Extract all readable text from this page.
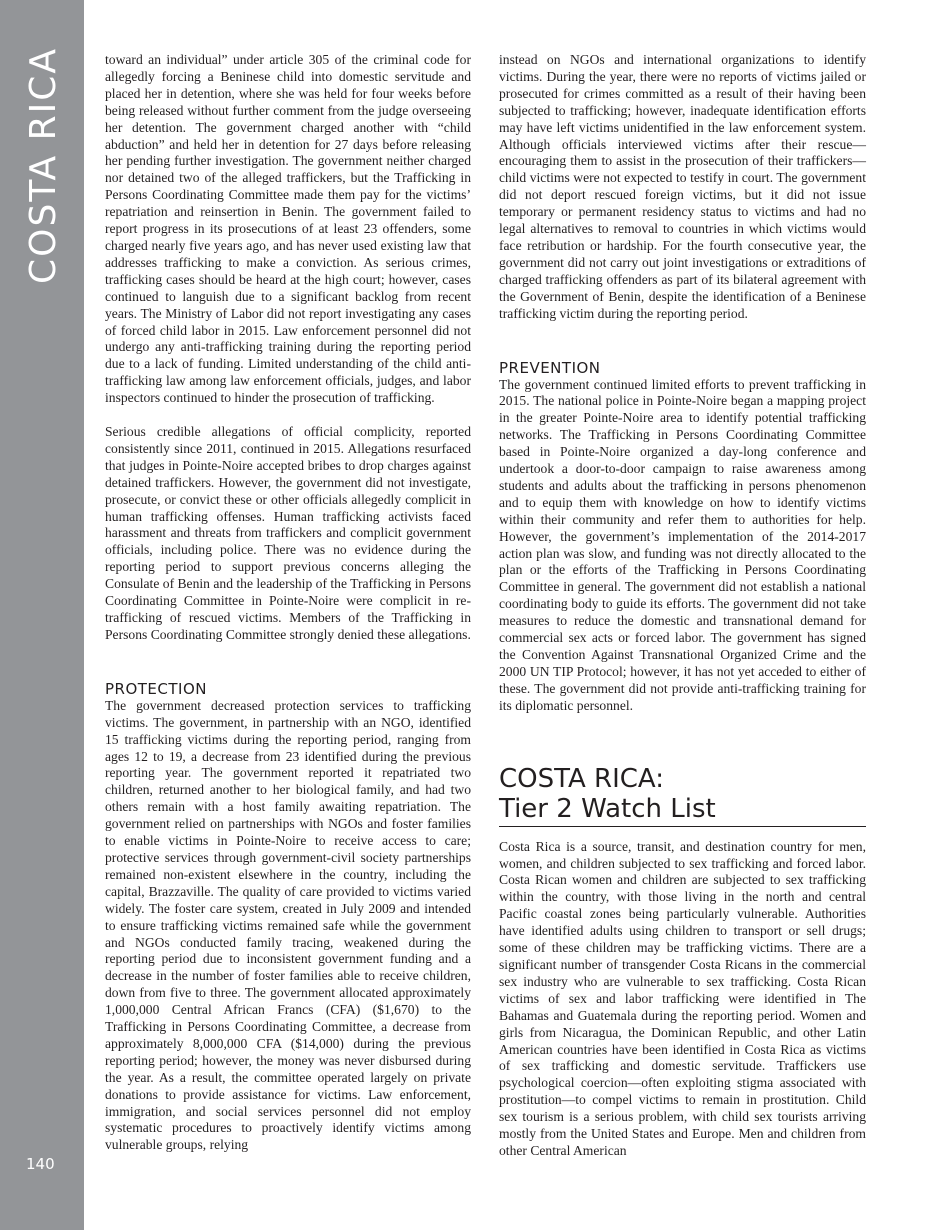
COSTA RICA
140

toward an individual” under article 305 of the criminal code for allegedly forcing a Beninese child into domestic servitude and placed her in detention, where she was held for four weeks before being released without further comment from the judge overseeing her detention. The government charged another with “child abduction” and held her in detention for 27 days before releasing her pending further investigation. The government neither charged nor detained two of the alleged traffickers, but the Trafficking in Persons Coordinating Committee made them pay for the victims’ repatriation and reinsertion in Benin. The government failed to report progress in its prosecutions of at least 23 offenders, some charged nearly five years ago, and has never used existing law that addresses trafficking to make a conviction. As serious crimes, trafficking cases should be heard at the high court; however, cases continued to languish due to a significant backlog from recent years. The Ministry of Labor did not report investigating any cases of forced child labor in 2015. Law enforcement personnel did not undergo any anti-trafficking training during the reporting period due to a lack of funding. Limited understanding of the child anti-trafficking law among law enforcement officials, judges, and labor inspectors continued to hinder the prosecution of trafficking.

Serious credible allegations of official complicity, reported consistently since 2011, continued in 2015. Allegations resurfaced that judges in Pointe-Noire accepted bribes to drop charges against detained traffickers. However, the government did not investigate, prosecute, or convict these or other officials allegedly complicit in human trafficking offenses. Human trafficking activists faced harassment and threats from traffickers and complicit government officials, including police. There was no evidence during the reporting period to support previous concerns alleging the Consulate of Benin and the leadership of the Trafficking in Persons Coordinating Committee in Pointe-Noire were complicit in re-trafficking of rescued victims. Members of the Trafficking in Persons Coordinating Committee strongly denied these allegations.

PROTECTION

The government decreased protection services to trafficking victims. The government, in partnership with an NGO, identified 15 trafficking victims during the reporting period, ranging from ages 12 to 19, a decrease from 23 identified during the previous reporting year. The government reported it repatriated two children, returned another to her biological family, and had two others remain with a host family awaiting repatriation. The government relied on partnerships with NGOs and foster families to enable victims in Pointe-Noire to receive access to care; protective services through government-civil society partnerships remained non-existent elsewhere in the country, including the capital, Brazzaville. The quality of care provided to victims varied widely. The foster care system, created in July 2009 and intended to ensure trafficking victims remained safe while the government and NGOs conducted family tracing, weakened during the reporting period due to inconsistent government funding and a decrease in the number of foster families able to receive children, down from five to three. The government allocated approximately 1,000,000 Central African Francs (CFA) ($1,670) to the Trafficking in Persons Coordinating Committee, a decrease from approximately 8,000,000 CFA ($14,000) during the previous reporting period; however, the money was never disbursed during the year. As a result, the committee operated largely on private donations to provide assistance for victims. Law enforcement, immigration, and social services personnel did not employ systematic procedures to proactively identify victims among vulnerable groups, relying

instead on NGOs and international organizations to identify victims. During the year, there were no reports of victims jailed or prosecuted for crimes committed as a result of their having been subjected to trafficking; however, inadequate identification efforts may have left victims unidentified in the law enforcement system. Although officials interviewed victims after their rescue—encouraging them to assist in the prosecution of their traffickers—child victims were not expected to testify in court. The government did not deport rescued foreign victims, but it did not issue temporary or permanent residency status to victims and had no legal alternatives to removal to countries in which victims would face retribution or hardship. For the fourth consecutive year, the government did not carry out joint investigations or extraditions of charged trafficking offenders as part of its bilateral agreement with the Government of Benin, despite the identification of a Beninese trafficking victim during the reporting period.

PREVENTION

The government continued limited efforts to prevent trafficking in 2015. The national police in Pointe-Noire began a mapping project in the greater Pointe-Noire area to identify potential trafficking networks. The Trafficking in Persons Coordinating Committee based in Pointe-Noire organized a day-long conference and undertook a door-to-door campaign to raise awareness among students and adults about the trafficking in persons phenomenon and to equip them with knowledge on how to identify victims within their community and refer them to authorities for help. However, the government’s implementation of the 2014-2017 action plan was slow, and funding was not directly allocated to the plan or the efforts of the Trafficking in Persons Coordinating Committee in general. The government did not establish a national coordinating body to guide its efforts. The government did not take measures to reduce the domestic and transnational demand for commercial sex acts or forced labor. The government has signed the Convention Against Transnational Organized Crime and the 2000 UN TIP Protocol; however, it has not yet acceded to either of these. The government did not provide anti-trafficking training for its diplomatic personnel.

COSTA RICA:
Tier 2 Watch List

Costa Rica is a source, transit, and destination country for men, women, and children subjected to sex trafficking and forced labor. Costa Rican women and children are subjected to sex trafficking within the country, with those living in the north and central Pacific coastal zones being particularly vulnerable. Authorities have identified adults using children to transport or sell drugs; some of these children may be trafficking victims. There are a significant number of transgender Costa Ricans in the commercial sex industry who are vulnerable to sex trafficking. Costa Rican victims of sex and labor trafficking were identified in The Bahamas and Guatemala during the reporting period. Women and girls from Nicaragua, the Dominican Republic, and other Latin American countries have been identified in Costa Rica as victims of sex trafficking and domestic servitude. Traffickers use psychological coercion—often exploiting stigma associated with prostitution—to compel victims to remain in prostitution. Child sex tourism is a serious problem, with child sex tourists arriving mostly from the United States and Europe. Men and children from other Central American
